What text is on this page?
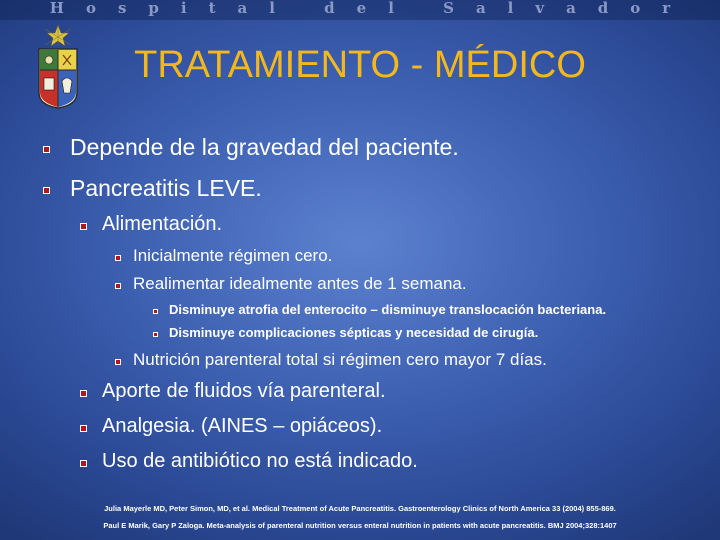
Hospital del Salvador
TRATAMIENTO - MÉDICO
Depende de la gravedad del paciente.
Pancreatitis LEVE.
Alimentación.
Inicialmente régimen cero.
Realimentar idealmente antes de 1 semana.
Disminuye atrofia del enterocito – disminuye translocación bacteriana.
Disminuye complicaciones sépticas y necesidad de cirugía.
Nutrición parenteral total si régimen cero mayor 7 días.
Aporte de fluidos vía parenteral.
Analgesia. (AINES – opiáceos).
Uso de antibiótico no está indicado.
Julia Mayerle MD, Peter Simon, MD, et al. Medical Treatment of Acute Pancreatitis. Gastroenterology Clinics of North America 33 (2004) 855-869.
Paul E Marik, Gary P Zaloga. Meta-analysis of parenteral nutrition versus enteral nutrition in patients with acute pancreatitis. BMJ 2004;328:1407
